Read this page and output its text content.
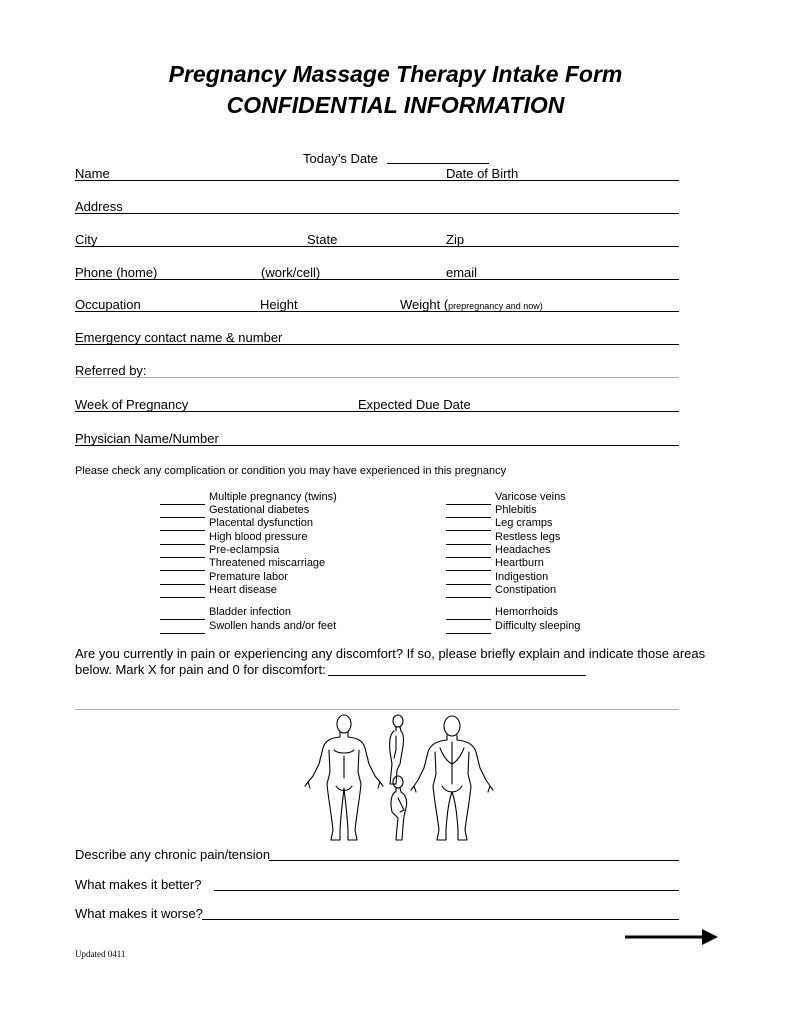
Pregnancy Massage Therapy Intake Form
CONFIDENTIAL INFORMATION
Today’s Date
Name	Date of Birth
Address
City	State	Zip
Phone (home)	(work/cell)	email
Occupation	Height	Weight (prepregnancy and now)
Emergency contact name & number
Referred by:
Week of Pregnancy	Expected Due Date
Physician Name/Number
Please check any complication or condition you may have experienced in this pregnancy
Multiple pregnancy (twins)
Gestational diabetes
Placental dysfunction
High blood pressure
Pre-eclampsia
Threatened miscarriage
Premature labor
Heart disease
Bladder infection
Swollen hands and/or feet
Varicose veins
Phlebitis
Leg cramps
Restless legs
Headaches
Heartburn
Indigestion
Constipation
Hemorrhoids
Difficulty sleeping
Are you currently in pain or experiencing any discomfort? If so, please briefly explain and indicate those areas
below. Mark X for pain and 0 for discomfort:
Describe any chronic pain/tension
What makes it better?
What makes it worse?
Updated 0411
